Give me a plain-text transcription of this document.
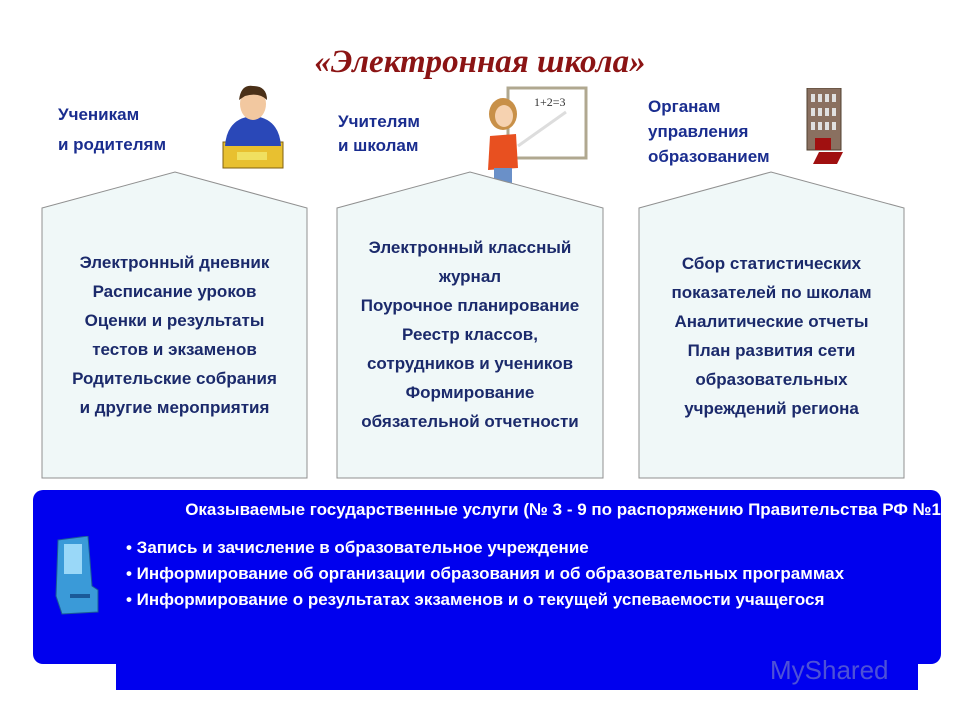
«Электронная школа»
Ученикам
и родителям
Учителям
и школам
Органам
управления
образованием
1+2=3
Электронный дневник
Расписание уроков
Оценки и результаты
тестов и экзаменов
Родительские собрания
и другие мероприятия
Электронный классный
журнал
Поурочное планирование
Реестр классов,
сотрудников и учеников
Формирование
обязательной отчетности
Сбор статистических
показателей по школам
Аналитические отчеты
План развития сети
образовательных
учреждений региона
Оказываемые государственные услуги (№ 3 - 9 по распоряжению Правительства РФ №1
• Запись и зачисление в образовательное учреждение
• Информирование об организации образования и об образовательных программах
• Информирование о результатах экзаменов и о текущей успеваемости учащегося
MyShared
